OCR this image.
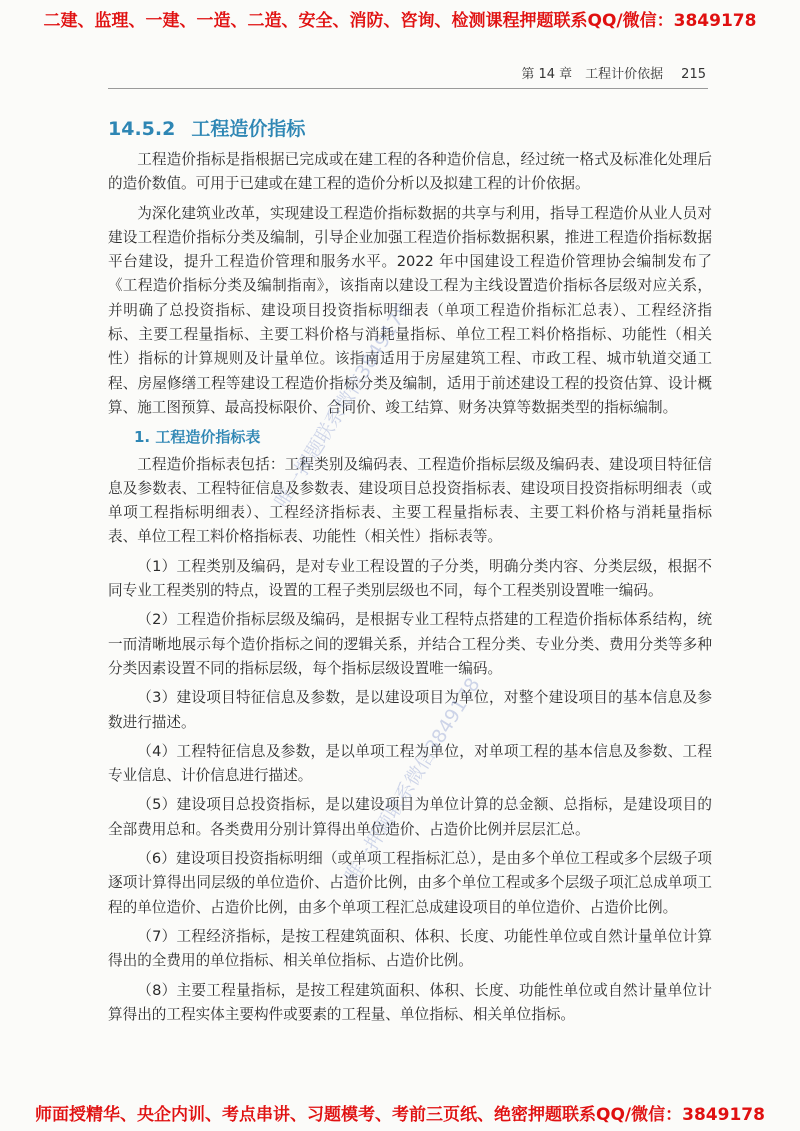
二建、监理、一建、一造、二造、安全、消防、咨询、检测课程押题联系QQ/微信：3849178
第 14 章　工程计价依据 215
14.5.2 工程造价指标

工程造价指标是指根据已完成或在建工程的各种造价信息，经过统一格式及标准化处理后的造价数值。可用于已建或在建工程的造价分析以及拟建工程的计价依据。

为深化建筑业改革，实现建设工程造价指标数据的共享与利用，指导工程造价从业人员对建设工程造价指标分类及编制，引导企业加强工程造价指标数据积累，推进工程造价指标数据平台建设，提升工程造价管理和服务水平。2022 年中国建设工程造价管理协会编制发布了《工程造价指标分类及编制指南》，该指南以建设工程为主线设置造价指标各层级对应关系，并明确了总投资指标、建设项目投资指标明细表（单项工程造价指标汇总表）、工程经济指标、主要工程量指标、主要工料价格与消耗量指标、单位工程工料价格指标、功能性（相关性）指标的计算规则及计量单位。该指南适用于房屋建筑工程、市政工程、城市轨道交通工程、房屋修缮工程等建设工程造价指标分类及编制，适用于前述建设工程的投资估算、设计概算、施工图预算、最高投标限价、合同价、竣工结算、财务决算等数据类型的指标编制。

1. 工程造价指标表

工程造价指标表包括：工程类别及编码表、工程造价指标层级及编码表、建设项目特征信息及参数表、工程特征信息及参数表、建设项目总投资指标表、建设项目投资指标明细表（或单项工程指标明细表）、工程经济指标表、主要工程量指标表、主要工料价格与消耗量指标表、单位工程工料价格指标表、功能性（相关性）指标表等。

（1）工程类别及编码，是对专业工程设置的子分类，明确分类内容、分类层级，根据不同专业工程类别的特点，设置的工程子类别层级也不同，每个工程类别设置唯一编码。

（2）工程造价指标层级及编码，是根据专业工程特点搭建的工程造价指标体系结构，统一而清晰地展示每个造价指标之间的逻辑关系，并结合工程分类、专业分类、费用分类等多种分类因素设置不同的指标层级，每个指标层级设置唯一编码。

（3）建设项目特征信息及参数，是以建设项目为单位，对整个建设项目的基本信息及参数进行描述。

（4）工程特征信息及参数，是以单项工程为单位，对单项工程的基本信息及参数、工程专业信息、计价信息进行描述。

（5）建设项目总投资指标，是以建设项目为单位计算的总金额、总指标，是建设项目的全部费用总和。各类费用分别计算得出单位造价、占造价比例并层层汇总。

（6）建设项目投资指标明细（或单项工程指标汇总），是由多个单位工程或多个层级子项逐项计算得出同层级的单位造价、占造价比例，由多个单位工程或多个层级子项汇总成单项工程的单位造价、占造价比例，由多个单项工程汇总成建设项目的单位造价、占造价比例。

（7）工程经济指标，是按工程建筑面积、体积、长度、功能性单位或自然计量单位计算得出的全费用的单位指标、相关单位指标、占造价比例。

（8）主要工程量指标，是按工程建筑面积、体积、长度、功能性单位或自然计量单位计算得出的工程实体主要构件或要素的工程量、单位指标、相关单位指标。

唯一押题联系微信3849178
唯一押题联系微信3849178
师面授精华、央企内训、考点串讲、习题模考、考前三页纸、绝密押题联系QQ/微信：3849178
